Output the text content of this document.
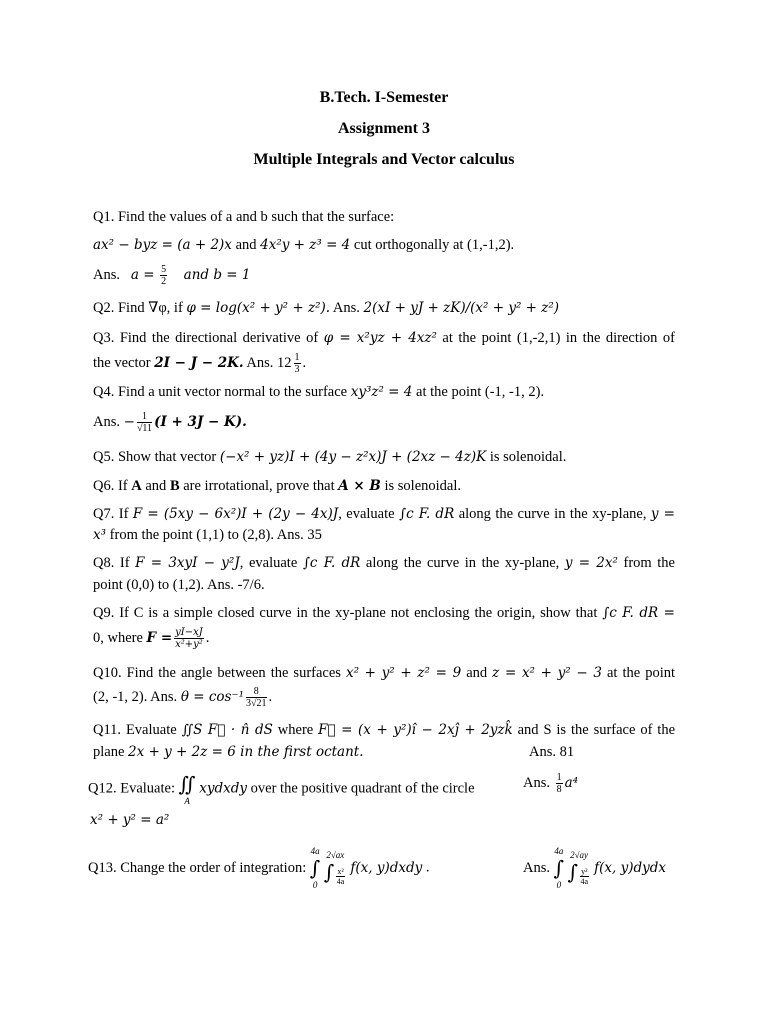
B.Tech. I-Semester
Assignment 3
Multiple Integrals and Vector calculus
Q1. Find the values of a and b such that the surface:
ax² − byz = (a + 2)x and 4x²y + z³ = 4 cut orthogonally at (1,-1,2).
Ans. $a = \frac{5}{2}$ and b = 1
Q2. Find ∇φ, if φ = log(x² + y² + z²). Ans. 2(xI + yJ + zK)/(x² + y² + z²)
Q3. Find the directional derivative of φ = x²yz + 4xz² at the point (1,-2,1) in the direction of
the vector 2I − J − 2K. Ans. $12 \frac{1}{3}$ .
Q4. Find a unit vector normal to the surface xy³z² = 4 at the point (-1, -1, 2).
Ans. − $\frac{1}{√11} (I + 3J - K)$.
Q5. Show that vector (−x² + yz)I + (4y − z²x)J + (2xz − 4z)K is solenoidal.
Q6. If A and B are irrotational, prove that A × B is solenoidal.
Q7. If F = (5xy − 6x²)I + (2y − 4x)J, evaluate ∫c F. dR along the curve in the xy-plane, y =
x³ from the point (1,1) to (2,8). Ans. 35
Q8. If F = 3xyI − y²J, evaluate ∫c F. dR along the curve in the xy-plane, y = 2x² from the
point (0,0) to (1,2). Ans. -7/6.
Q9. If C is a simple closed curve in the xy-plane not enclosing the origin, show that ∫c F. dR =
0, where $F = \frac{yI-xJ}{\text{x²+y²}}$ .
Q10. Find the angle between the surfaces x² + y² + z² = 9 and z = x² + y² − 3 at the point
(2, -1, 2). Ans. $\theta = \cos^{-1} \frac{8}{3√21}$ .
Q11. Evaluate ∬S F⃗ · n̂ dS where F⃗ = (x + y²)î − 2xĵ + 2yzk̂ and S is the surface of the
plane 2x + y + 2z = 6 in the first octant.	Ans. 81
Q12. Evaluate: ∬
A
xydxdy over the positive quadrant of the circle	Ans. $\frac{1}{8} a^4$
x² + y² = a²
Q13. Change the order of integration:
4a
∫
0

2√ax
∫ $\frac{\text{x²}}{4a} f(x$, y)dxdy .	Ans.
4a
∫
0

2√ay
∫ $\frac{\text{y²}}{4a} f(x$, y)dydx
